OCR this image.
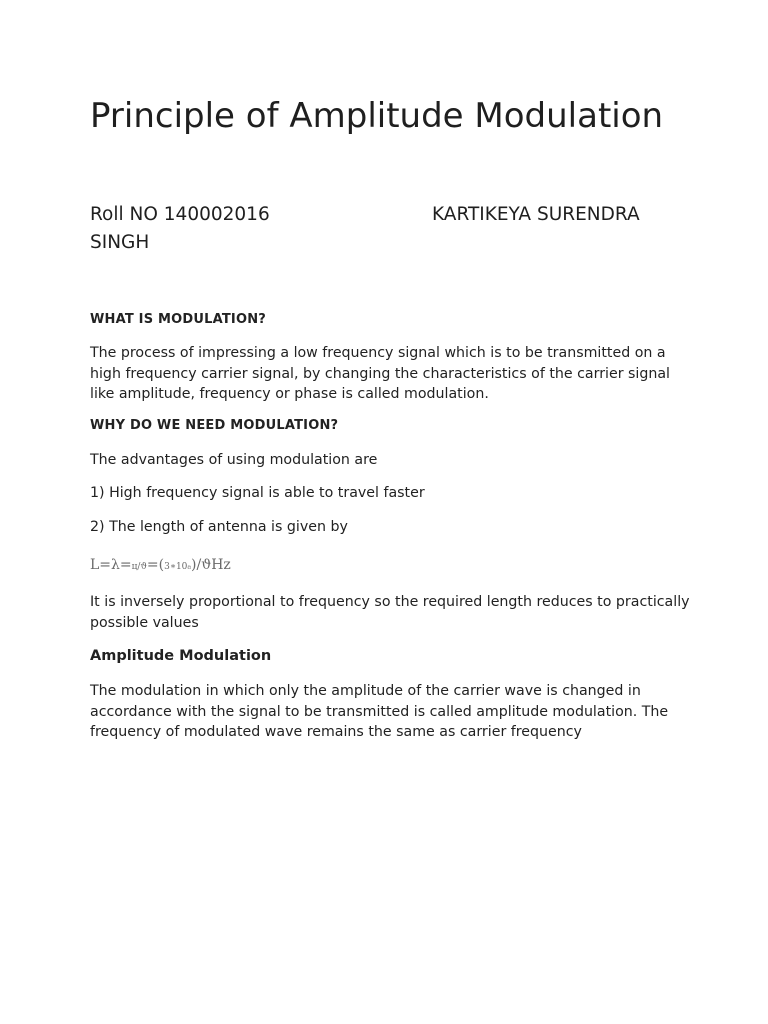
Principle of Amplitude Modulation
Roll NO 140002016	KARTIKEYA SURENDRA
SINGH
WHAT IS MODULATION?

The process of impressing a low frequency signal which is to be transmitted on a high frequency carrier signal, by changing the characteristics of the carrier signal like amplitude, frequency or phase is called modulation.

WHY DO WE NEED MODULATION?

The advantages of using modulation are

1) High frequency signal is able to travel faster

2) The length of antenna is given by

L=λ=ц/ϑ=(3∗10₈)/ϑHz

It is inversely proportional to frequency so the required length reduces to practically possible values

Amplitude Modulation

The modulation in which only the amplitude of the carrier wave is changed in accordance with the signal to be transmitted is called amplitude modulation. The frequency of modulated wave remains the same as carrier frequency
